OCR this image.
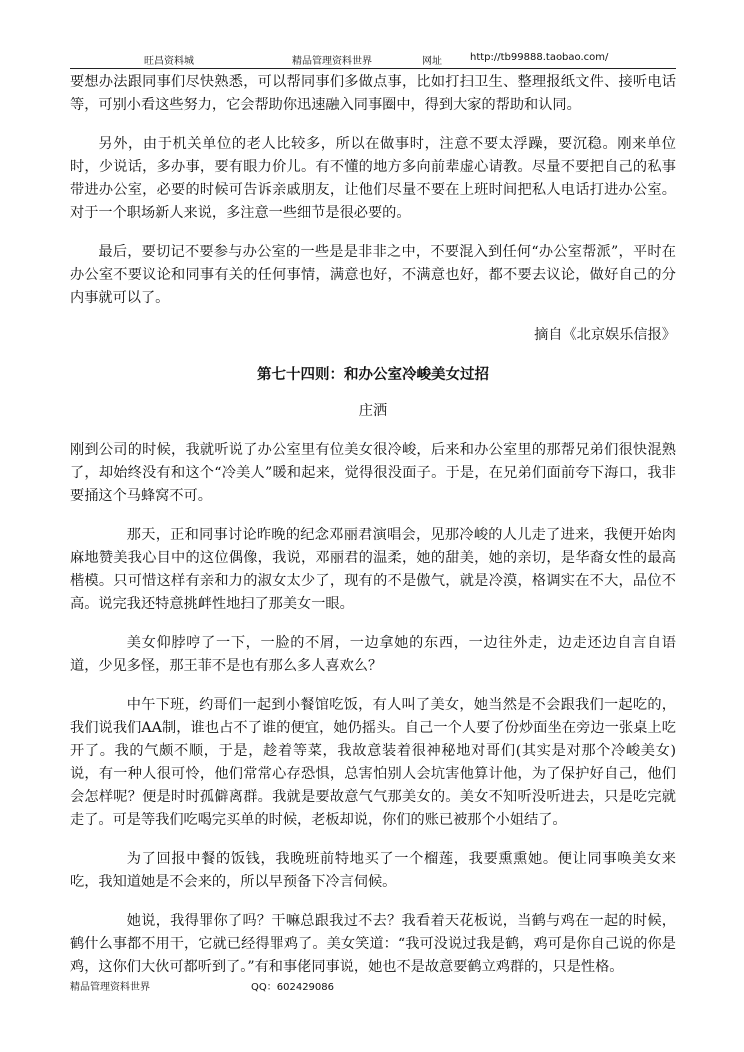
旺昌资料城	精品管理资料世界	网址	http://tb99888.taobao.com/

要想办法跟同事们尽快熟悉，可以帮同事们多做点事，比如打扫卫生、整理报纸文件、接听电话等，可别小看这些努力，它会帮助你迅速融入同事圈中，得到大家的帮助和认同。

另外，由于机关单位的老人比较多，所以在做事时，注意不要太浮躁，要沉稳。刚来单位时，少说话，多办事，要有眼力价儿。有不懂的地方多向前辈虚心请教。尽量不要把自己的私事带进办公室，必要的时候可告诉亲戚朋友，让他们尽量不要在上班时间把私人电话打进办公室。对于一个职场新人来说，多注意一些细节是很必要的。

最后，要切记不要参与办公室的一些是是非非之中，不要混入到任何“办公室帮派”，平时在办公室不要议论和同事有关的任何事情，满意也好，不满意也好，都不要去议论，做好自己的分内事就可以了。

摘自《北京娱乐信报》

第七十四则：和办公室冷峻美女过招

庄洒

刚到公司的时候，我就听说了办公室里有位美女很冷峻，后来和办公室里的那帮兄弟们很快混熟了，却始终没有和这个“冷美人”暖和起来，觉得很没面子。于是，在兄弟们面前夸下海口，我非要捅这个马蜂窝不可。

那天，正和同事讨论昨晚的纪念邓丽君演唱会，见那冷峻的人儿走了进来，我便开始肉麻地赞美我心目中的这位偶像，我说，邓丽君的温柔，她的甜美，她的亲切，是华裔女性的最高楷模。只可惜这样有亲和力的淑女太少了，现有的不是傲气，就是冷漠，格调实在不大，品位不高。说完我还特意挑衅性地扫了那美女一眼。

美女仰脖哼了一下，一脸的不屑，一边拿她的东西，一边往外走，边走还边自言自语道，少见多怪，那王菲不是也有那么多人喜欢么？

中午下班，约哥们一起到小餐馆吃饭，有人叫了美女，她当然是不会跟我们一起吃的，我们说我们AA制，谁也占不了谁的便宜，她仍摇头。自己一个人要了份炒面坐在旁边一张桌上吃开了。我的气颇不顺，于是，趁着等菜，我故意装着很神秘地对哥们(其实是对那个冷峻美女)说，有一种人很可怜，他们常常心存恐惧，总害怕别人会坑害他算计他，为了保护好自己，他们会怎样呢？便是时时孤僻离群。我就是要故意气气那美女的。美女不知听没听进去，只是吃完就走了。可是等我们吃喝完买单的时候，老板却说，你们的账已被那个小姐结了。

为了回报中餐的饭钱，我晚班前特地买了一个榴莲，我要熏熏她。便让同事唤美女来吃，我知道她是不会来的，所以早预备下冷言伺候。

她说，我得罪你了吗？干嘛总跟我过不去？我看着天花板说，当鹤与鸡在一起的时候，鹤什么事都不用干，它就已经得罪鸡了。美女笑道：“我可没说过我是鹤，鸡可是你自己说的你是鸡，这你们大伙可都听到了。”有和事佬同事说，她也不是故意要鹤立鸡群的，只是性格。

精品管理资料世界	QQ：602429086
